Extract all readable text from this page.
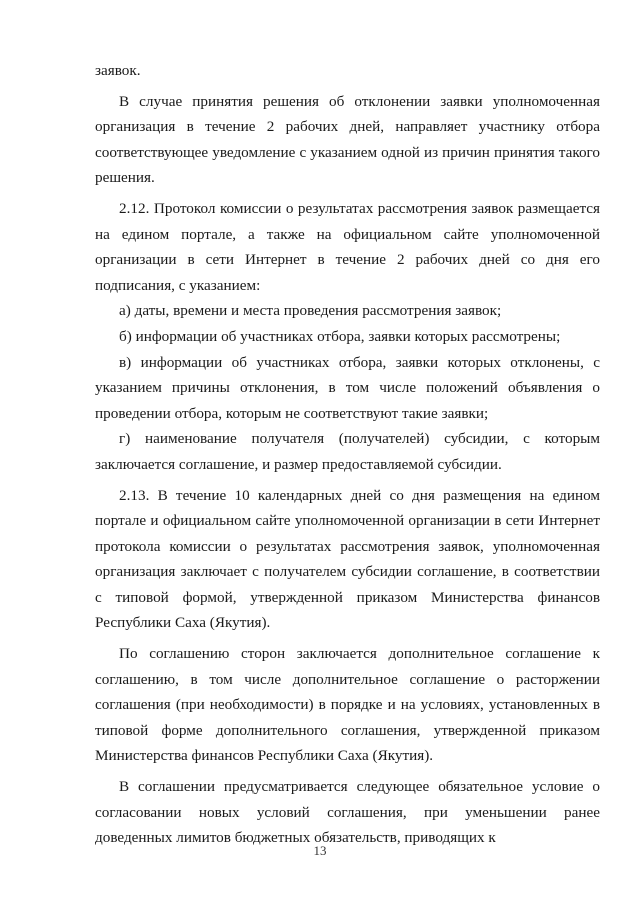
заявок.

В случае принятия решения об отклонении заявки уполномоченная организация в течение 2 рабочих дней, направляет участнику отбора соответствующее уведомление с указанием одной из причин принятия такого решения.

2.12. Протокол комиссии о результатах рассмотрения заявок размещается на едином портале, а также на официальном сайте уполномоченной организации в сети Интернет в течение 2 рабочих дней со дня его подписания, с указанием:

а) даты, времени и места проведения рассмотрения заявок;

б) информации об участниках отбора, заявки которых рассмотрены;

в) информации об участниках отбора, заявки которых отклонены, с указанием причины отклонения, в том числе положений объявления о проведении отбора, которым не соответствуют такие заявки;

г) наименование получателя (получателей) субсидии, с которым заключается соглашение, и размер предоставляемой субсидии.

2.13. В течение 10 календарных дней со дня размещения на едином портале и официальном сайте уполномоченной организации в сети Интернет протокола комиссии о результатах рассмотрения заявок, уполномоченная организация заключает с получателем субсидии соглашение, в соответствии с типовой формой, утвержденной приказом Министерства финансов Республики Саха (Якутия).

По соглашению сторон заключается дополнительное соглашение к соглашению, в том числе дополнительное соглашение о расторжении соглашения (при необходимости) в порядке и на условиях, установленных в типовой форме дополнительного соглашения, утвержденной приказом Министерства финансов Республики Саха (Якутия).

В соглашении предусматривается следующее обязательное условие о согласовании новых условий соглашения, при уменьшении ранее доведенных лимитов бюджетных обязательств, приводящих к

13
